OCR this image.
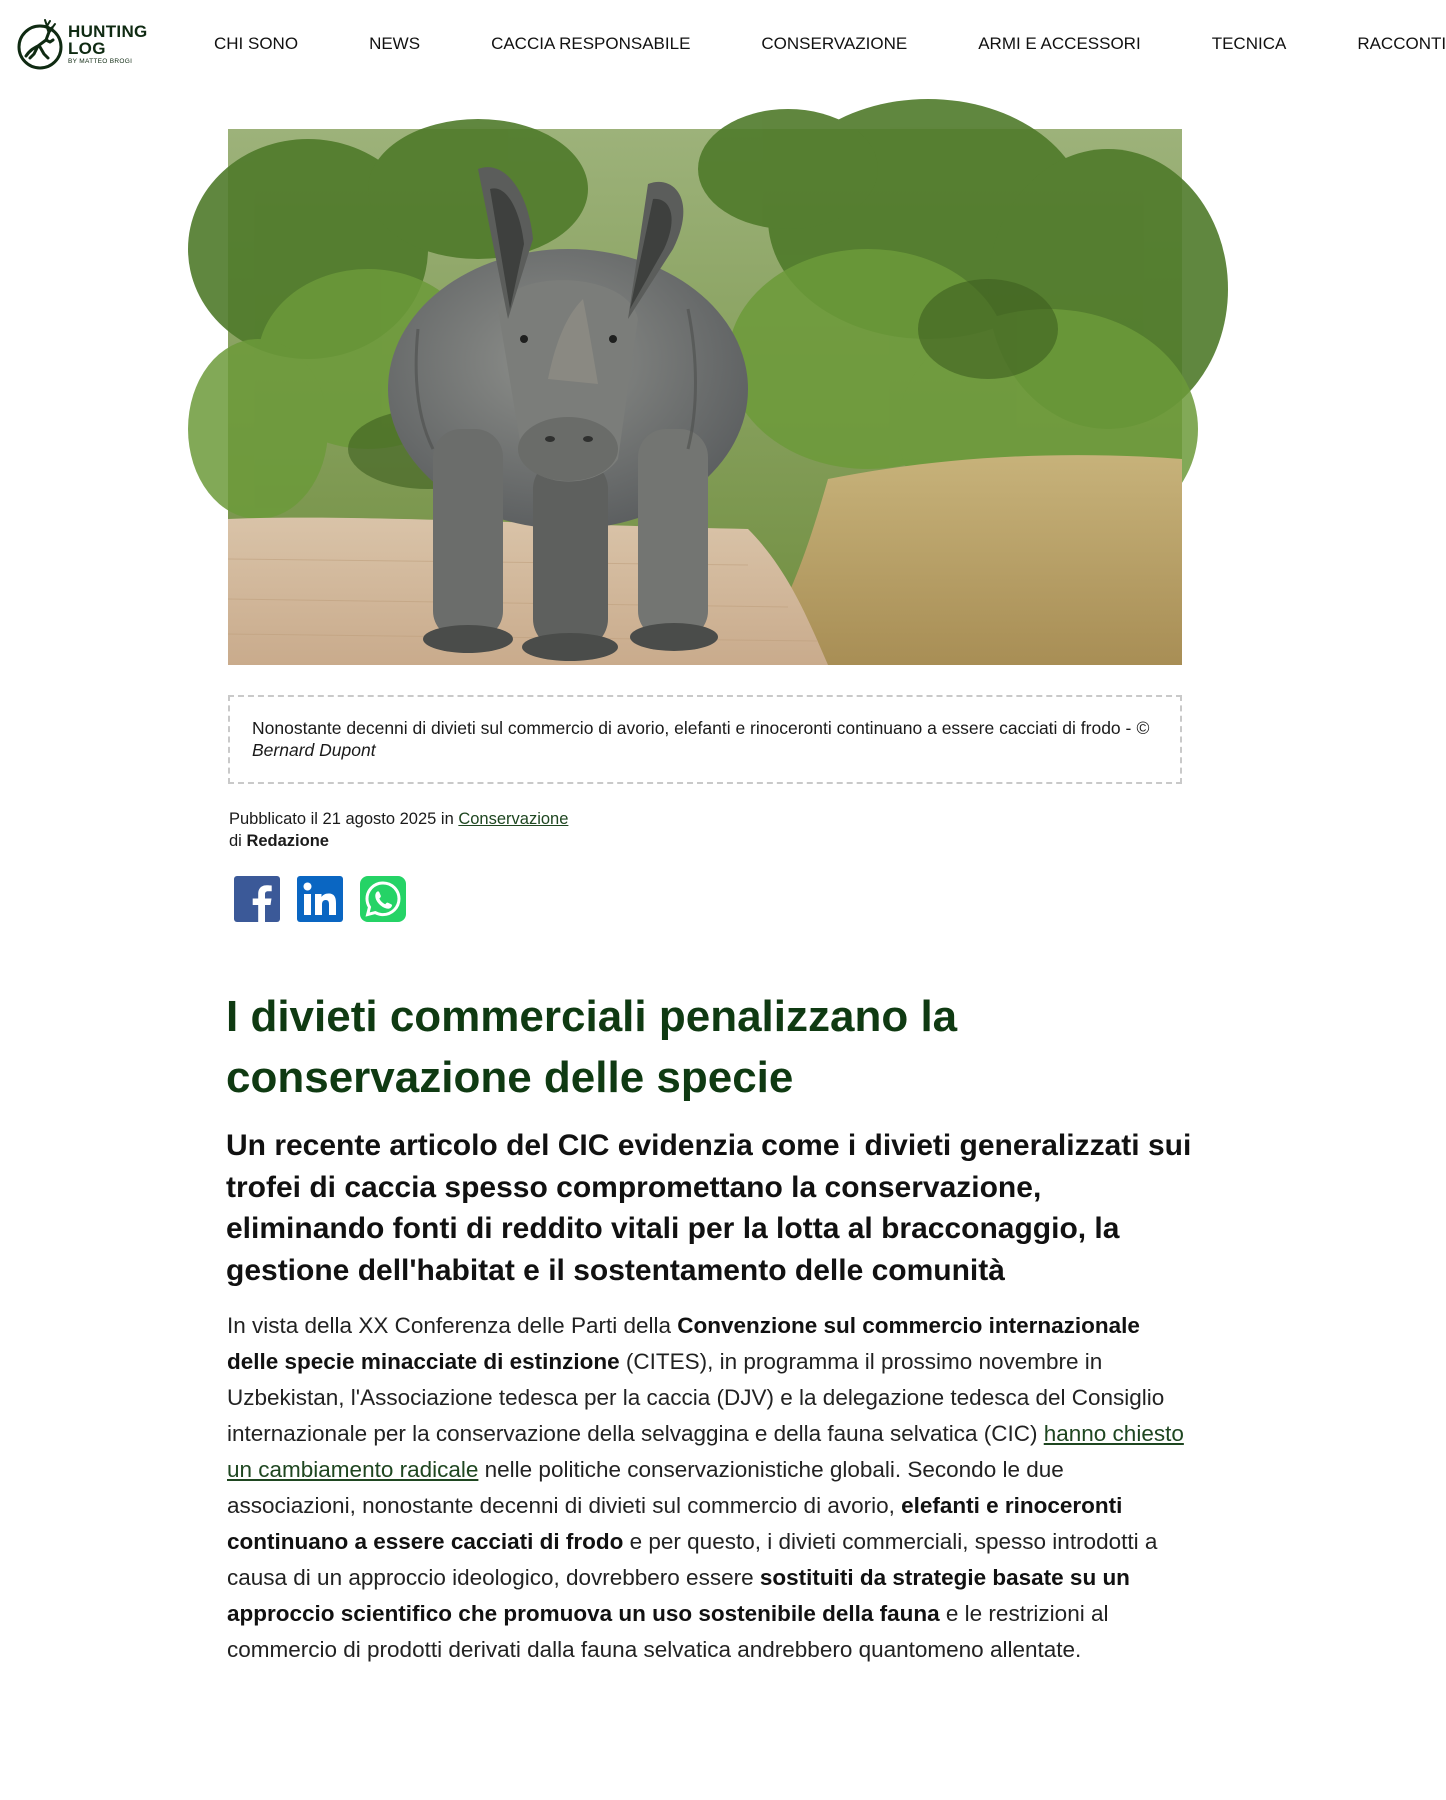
HUNTING
LOG
BY MATTEO BROGI
CHI SONO	NEWS	CACCIA RESPONSABILE	CONSERVAZIONE	ARMI E ACCESSORI	TECNICA	RACCONTI
Nonostante decenni di divieti sul commercio di avorio, elefanti e rinoceronti continuano a essere cacciati di frodo - © Bernard Dupont
Pubblicato il 21 agosto 2025 in Conservazione
di Redazione
I divieti commerciali penalizzano la conservazione delle specie
Un recente articolo del CIC evidenzia come i divieti generalizzati sui trofei di caccia spesso compromettano la conservazione, eliminando fonti di reddito vitali per la lotta al bracconaggio, la gestione dell'habitat e il sostentamento delle comunità

In vista della XX Conferenza delle Parti della Convenzione sul commercio internazionale delle specie minacciate di estinzione (CITES), in programma il prossimo novembre in Uzbekistan, l'Associazione tedesca per la caccia (DJV) e la delegazione tedesca del Consiglio internazionale per la conservazione della selvaggina e della fauna selvatica (CIC) hanno chiesto un cambiamento radicale nelle politiche conservazionistiche globali. Secondo le due associazioni, nonostante decenni di divieti sul commercio di avorio, elefanti e rinoceronti continuano a essere cacciati di frodo e per questo, i divieti commerciali, spesso introdotti a causa di un approccio ideologico, dovrebbero essere sostituiti da strategie basate su un approccio scientifico che promuova un uso sostenibile della fauna e le restrizioni al commercio di prodotti derivati dalla fauna selvatica andrebbero quantomeno allentate.
